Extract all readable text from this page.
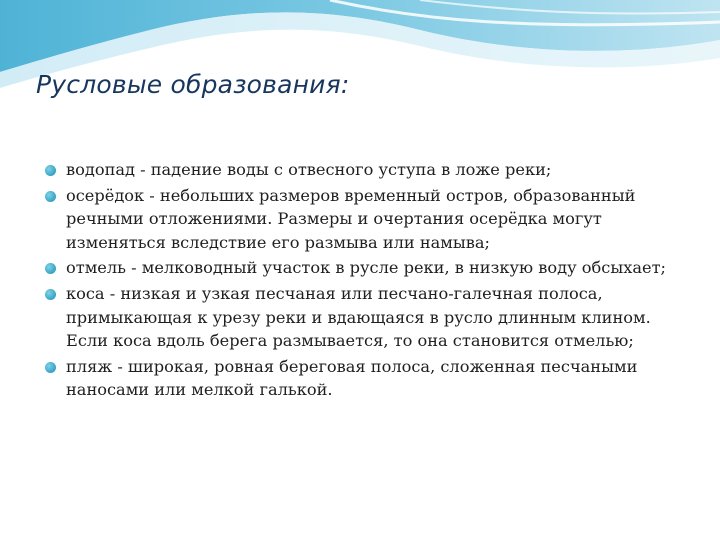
Русловые образования:
водопад - падение воды с отвесного уступа в ложе реки;
осерёдок - небольших размеров временный остров, образованный речными отложениями. Размеры и очертания осерёдка могут изменяться вследствие его размыва или намыва;
отмель - мелководный участок в русле реки, в низкую воду обсыхает;
коса - низкая и узкая песчаная или песчано-галечная полоса, примыкающая к урезу реки и вдающаяся в русло длинным клином. Если коса вдоль берега размывается, то она становится отмелью;
пляж - широкая, ровная береговая полоса, сложенная песчаными наносами или мелкой галькой.
